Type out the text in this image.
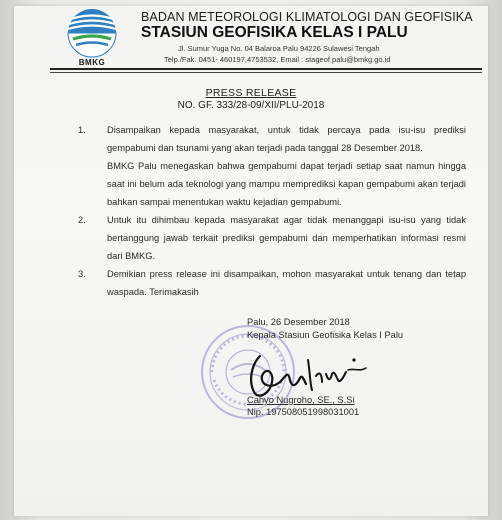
BMKG
BADAN METEOROLOGI KLIMATOLOGI DAN GEOFISIKA
STASIUN GEOFISIKA KELAS I PALU
Jl. Sumur Yuga No. 04 Balaroa Palu 94226 Sulawesi Tengah
Telp./Fak. 0451- 460197,4753532, Email : stageof palu@bmkg.go.id
PRESS RELEASE
NO. GF. 333/28-09/XII/PLU-2018
1. Disampaikan kepada masyarakat, untuk tidak percaya pada isu-isu prediksi gempabumi dan tsunami yang akan terjadi pada tanggal 28 Desember 2018.
BMKG Palu menegaskan bahwa gempabumi dapat terjadi setiap saat namun hingga saat ini belum ada teknologi yang mampu memprediksi kapan gempabumi akan terjadi bahkan sampai menentukan waktu kejadian gempabumi.
2. Untuk itu dihimbau kepada masyarakat agar tidak menanggapi isu-isu yang tidak bertanggung jawab terkait prediksi gempabumi dan memperhatikan informasi resmi dari BMKG.
3. Demikian press release ini disampaikan, mohon masyarakat untuk tenang dan tetap waspada. Terimakasih
Palu, 26 Desember 2018
Kepala Stasiun Geofisika Kelas I Palu
Cahyo Nugroho, SE., S.Si
Nip. 197508051998031001
